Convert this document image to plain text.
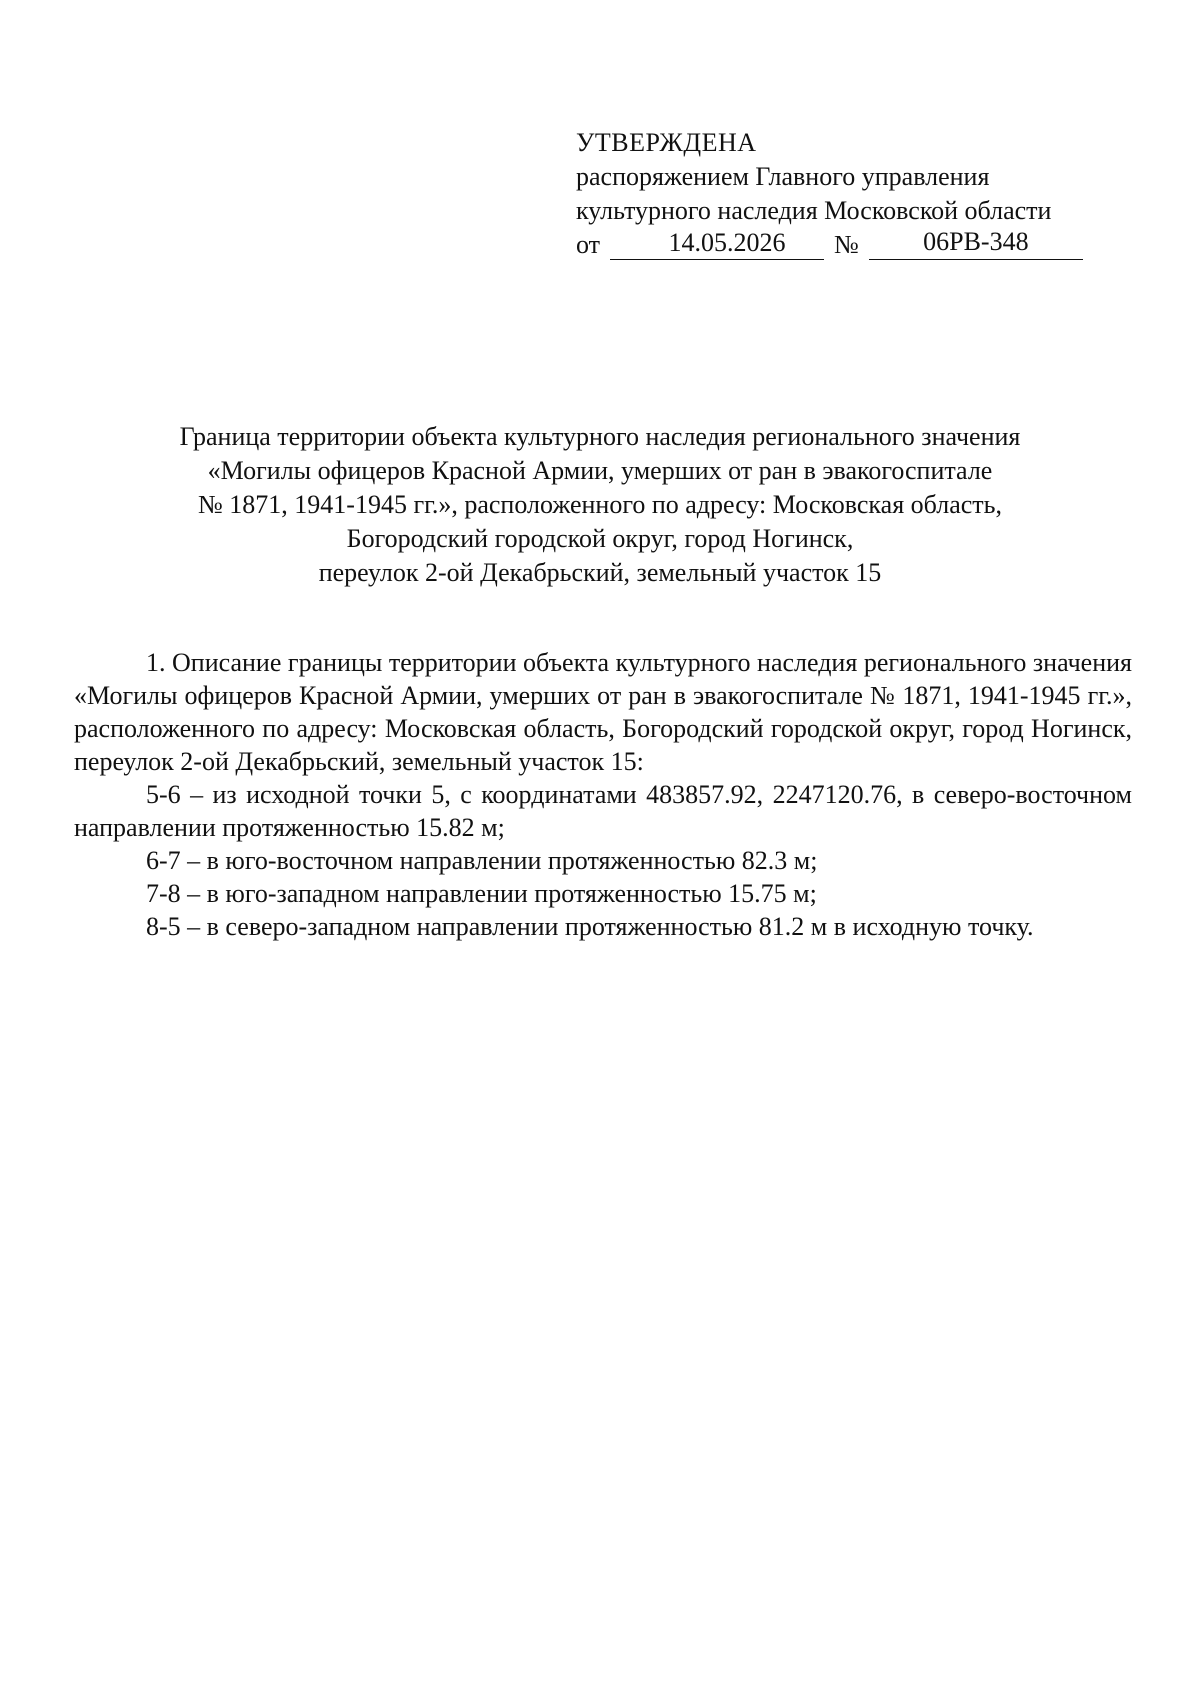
УТВЕРЖДЕНА
распоряжением Главного управления
культурного наследия Московской области
от	14.05.2026	№	06РВ-348
Граница территории объекта культурного наследия регионального значения
«Могилы офицеров Красной Армии, умерших от ран в эвакогоспитале
№ 1871, 1941-1945 гг.», расположенного по адресу: Московская область,
Богородский городской округ, город Ногинск,
переулок 2-ой Декабрьский, земельный участок 15

1. Описание границы территории объекта культурного наследия регионального значения «Могилы офицеров Красной Армии, умерших от ран в эвакогоспитале № 1871, 1941-1945 гг.», расположенного по адресу: Московская область, Богородский городской округ, город Ногинск, переулок 2-ой Декабрьский, земельный участок 15:

5-6 – из исходной точки 5, с координатами 483857.92, 2247120.76, в северо-восточном направлении протяженностью 15.82 м;

6-7 – в юго-восточном направлении протяженностью 82.3 м;

7-8 – в юго-западном направлении протяженностью 15.75 м;

8-5 – в северо-западном направлении протяженностью 81.2 м в исходную точку.
